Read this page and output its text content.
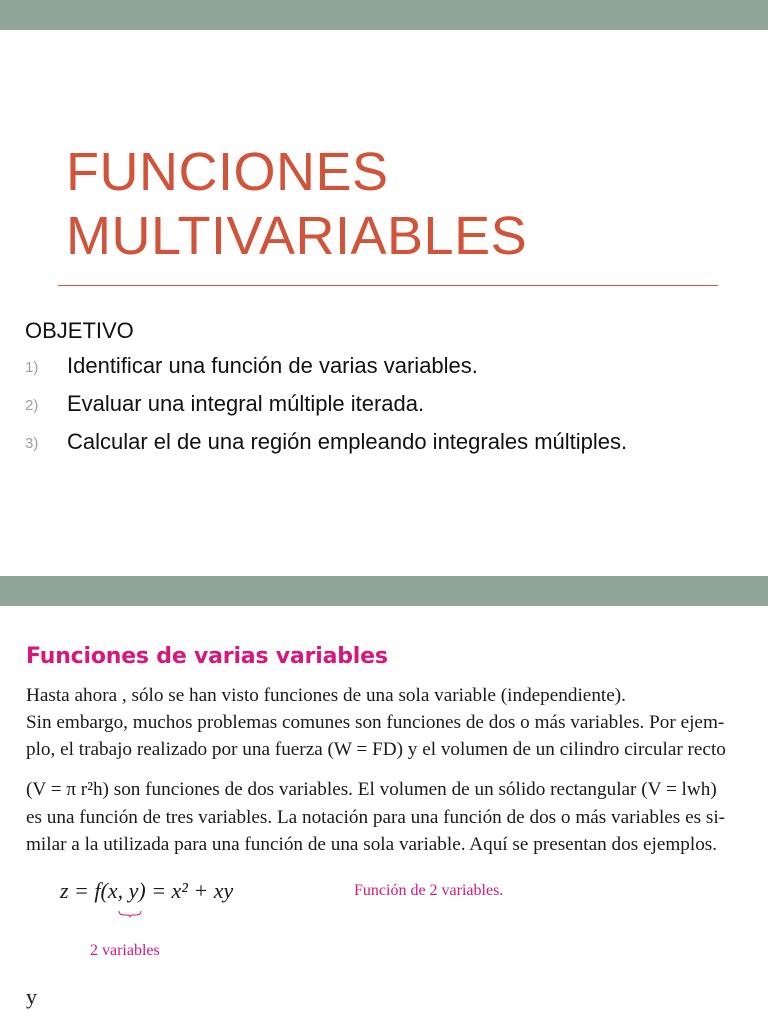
FUNCIONES
MULTIVARIABLES
OBJETIVO
1) Identificar una función de varias variables.
2) Evaluar una integral múltiple iterada.
3) Calcular el de una región empleando integrales múltiples.
Funciones de varias variables
Hasta ahora , sólo se han visto funciones de una sola variable (independiente).
Sin embargo, muchos problemas comunes son funciones de dos o más variables. Por ejem-
plo, el trabajo realizado por una fuerza (W = FD) y el volumen de un cilindro circular recto
(V = π r²h) son funciones de dos variables. El volumen de un sólido rectangular (V = lwh)
es una función de tres variables. La notación para una función de dos o más variables es si-
milar a la utilizada para una función de una sola variable. Aquí se presentan dos ejemplos.
z = f(x, y) = x² + xy	Función de 2 variables.
2 variables
y
